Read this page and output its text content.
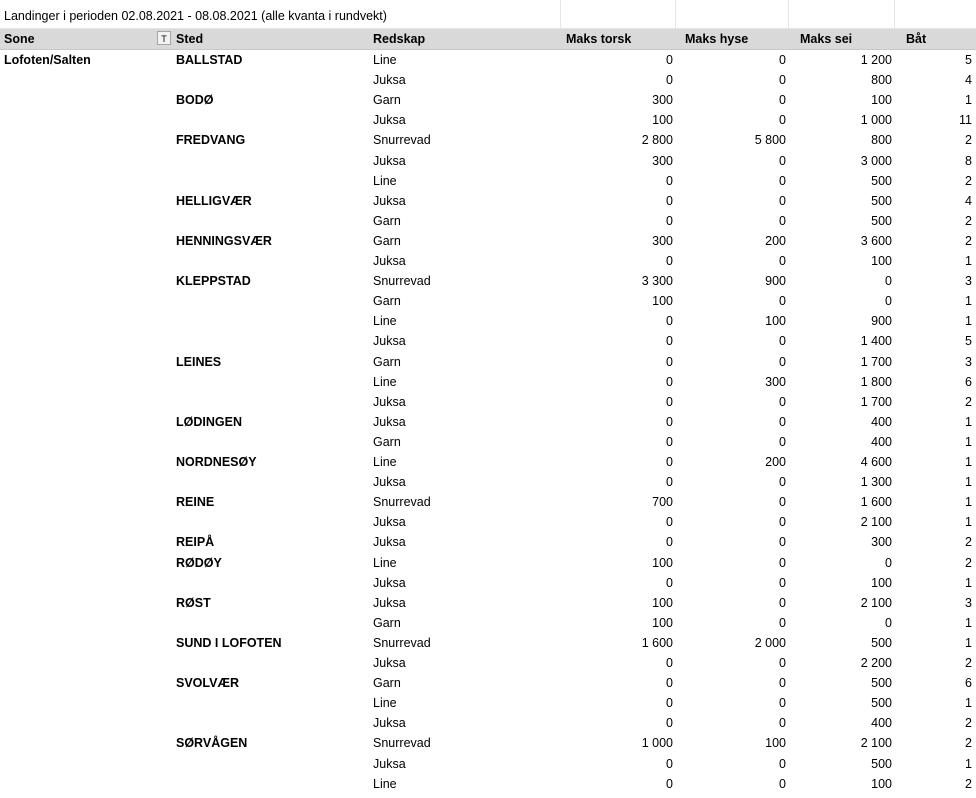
Landinger i perioden 02.08.2021 - 08.08.2021 (alle kvanta i rundvekt)
Sone	T Sted	Redskap	Maks torsk	Maks hyse	Maks sei	Båt
Lofoten/Salten	BALLSTAD	Line	0	0	1 200	5
Juksa	0	0	800	4
BODØ	Garn	300	0	100	1
Juksa	100	0	1 000	11
FREDVANG	Snurrevad	2 800	5 800	800	2
Juksa	300	0	3 000	8
Line	0	0	500	2
HELLIGVÆR	Juksa	0	0	500	4
Garn	0	0	500	2
HENNINGSVÆR	Garn	300	200	3 600	2
Juksa	0	0	100	1
KLEPPSTAD	Snurrevad	3 300	900	0	3
Garn	100	0	0	1
Line	0	100	900	1
Juksa	0	0	1 400	5
LEINES	Garn	0	0	1 700	3
Line	0	300	1 800	6
Juksa	0	0	1 700	2
LØDINGEN	Juksa	0	0	400	1
Garn	0	0	400	1
NORDNESØY	Line	0	200	4 600	1
Juksa	0	0	1 300	1
REINE	Snurrevad	700	0	1 600	1
Juksa	0	0	2 100	1
REIPÅ	Juksa	0	0	300	2
RØDØY	Line	100	0	0	2
Juksa	0	0	100	1
RØST	Juksa	100	0	2 100	3
Garn	100	0	0	1
SUND I LOFOTEN	Snurrevad	1 600	2 000	500	1
Juksa	0	0	2 200	2
SVOLVÆR	Garn	0	0	500	6
Line	0	0	500	1
Juksa	0	0	400	2
SØRVÅGEN	Snurrevad	1 000	100	2 100	2
Juksa	0	0	500	1
Line	0	0	100	2
